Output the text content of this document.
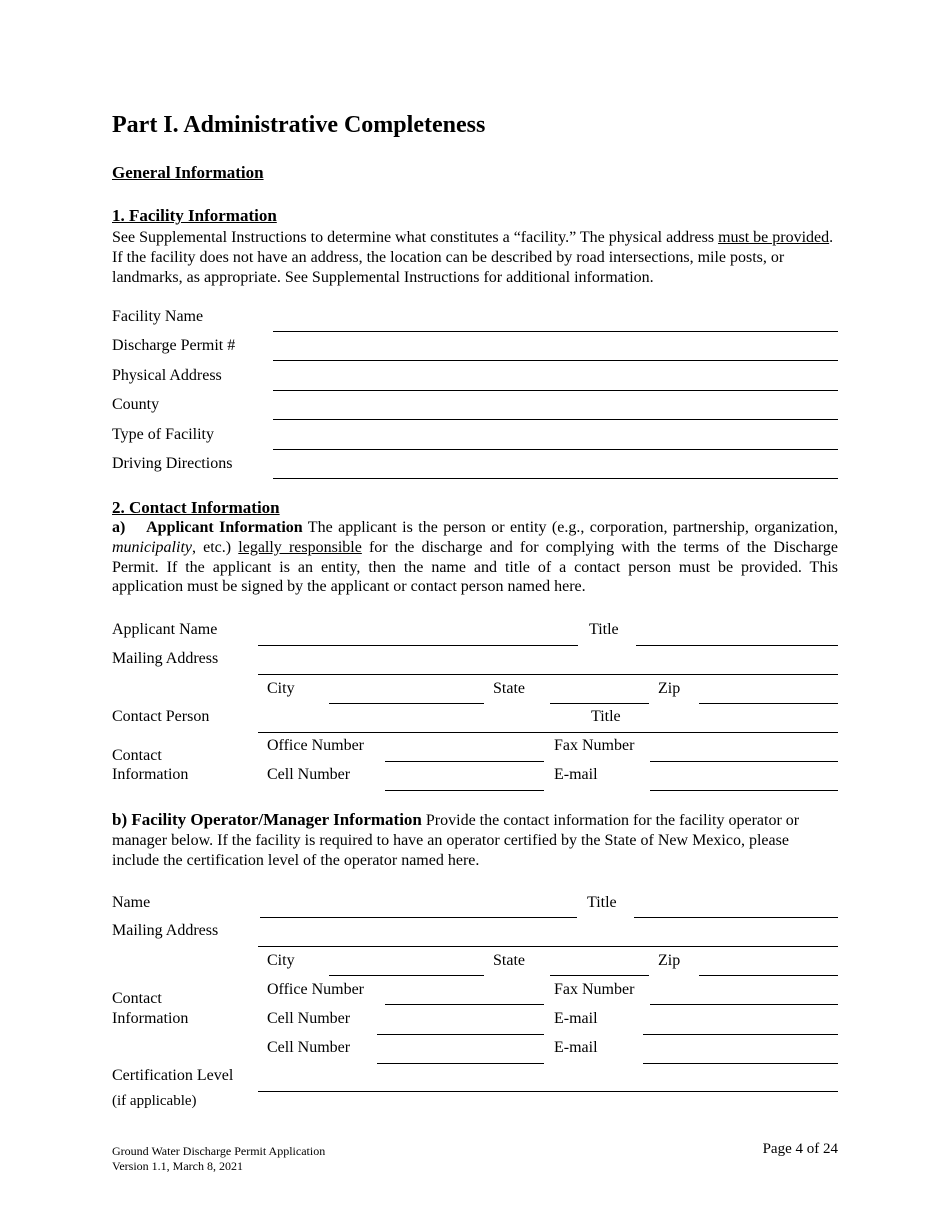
Part I. Administrative Completeness
General Information
1. Facility Information

See Supplemental Instructions to determine what constitutes a “facility.” The physical address must be provided. If the facility does not have an address, the location can be described by road intersections, mile posts, or landmarks, as appropriate. See Supplemental Instructions for additional information.

Facility Name
Discharge Permit #
Physical Address
County
Type of Facility
Driving Directions
2. Contact Information

a)    Applicant Information The applicant is the person or entity (e.g., corporation, partnership, organization, municipality, etc.) legally responsible for the discharge and for complying with the terms of the Discharge Permit. If the applicant is an entity, then the name and title of a contact person must be provided. This application must be signed by the applicant or contact person named here.

Applicant Name	Title
Mailing Address
City	State	Zip
Contact Person	Title
Contact
Information
Office Number	Fax Number
Cell Number	E-mail

b) Facility Operator/Manager Information Provide the contact information for the facility operator or manager below. If the facility is required to have an operator certified by the State of New Mexico, please include the certification level of the operator named here.

Name	Title
Mailing Address
City	State	Zip
Contact
Information
Office Number	Fax Number
Cell Number	E-mail
Cell Number	E-mail
Certification Level
(if applicable)
Ground Water Discharge Permit Application
Version 1.1, March 8, 2021
Page 4 of 24
